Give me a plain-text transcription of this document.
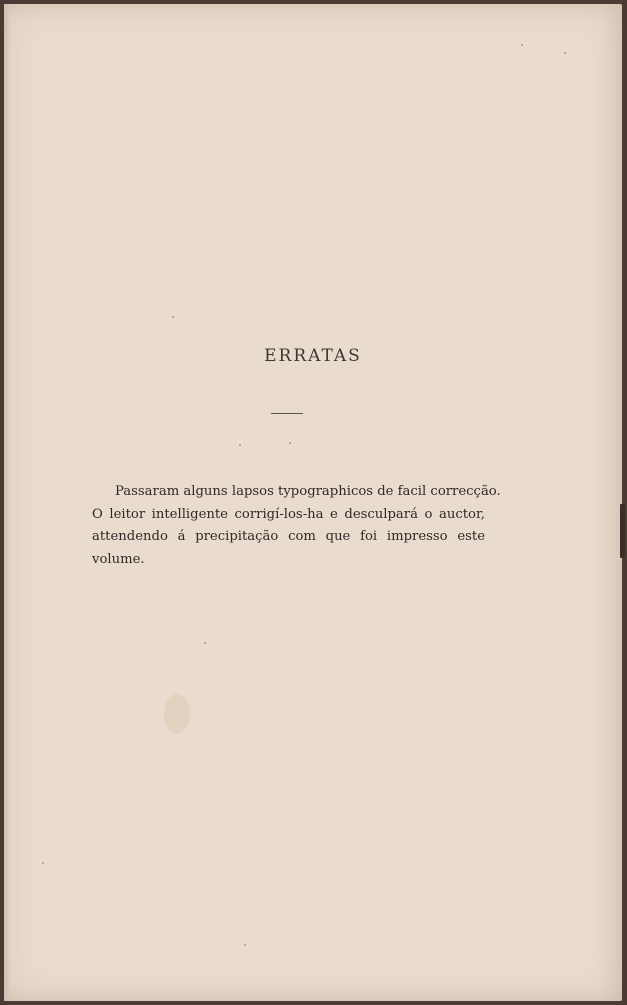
ERRATAS
Passaram alguns lapsos typographicos de facil correcção.
O leitor intelligente corrigí-los-ha e desculpará o auctor,
attendendo á precipitação com que foi impresso este
volume.
